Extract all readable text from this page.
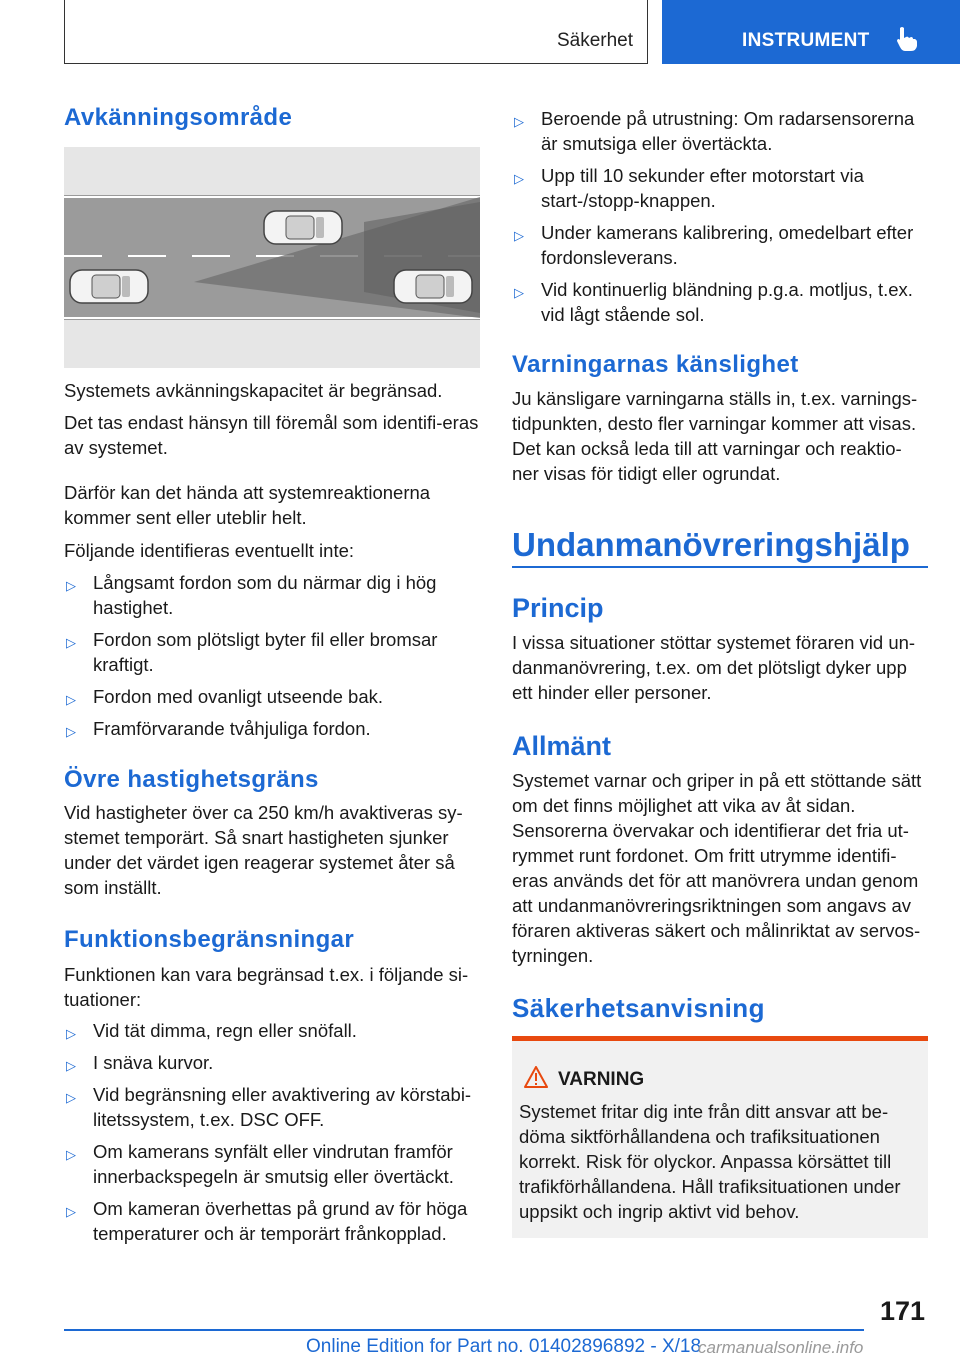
Säkerhet	INSTRUMENT
Avkänningsområde

Systemets avkänningskapacitet är begränsad.

Det tas endast hänsyn till föremål som identifi-eras av systemet.

Därför kan det hända att systemreaktionerna kommer sent eller uteblir helt.

Följande identifieras eventuellt inte:

▷ Långsamt fordon som du närmar dig i hög hastighet.
▷ Fordon som plötsligt byter fil eller bromsar kraftigt.
▷ Fordon med ovanligt utseende bak.
▷ Framförvarande tvåhjuliga fordon.
Övre hastighetsgräns

Vid hastigheter över ca 250 km/h avaktiveras sy-stemet temporärt. Så snart hastigheten sjunker under det värdet igen reagerar systemet åter så som inställt.

Funktionsbegränsningar

Funktionen kan vara begränsad t.ex. i följande si-tuationer:

▷ Vid tät dimma, regn eller snöfall.
▷ I snäva kurvor.
▷ Vid begränsning eller avaktivering av körstabi-litetssystem, t.ex. DSC OFF.
▷ Om kamerans synfält eller vindrutan framför innerbackspegeln är smutsig eller övertäckt.
▷ Om kameran överhettas på grund av för höga temperaturer och är temporärt frånkopplad.
▷ Beroende på utrustning: Om radarsensorerna är smutsiga eller övertäckta.
▷ Upp till 10 sekunder efter motorstart via start-/stopp-knappen.
▷ Under kamerans kalibrering, omedelbart efter fordonsleverans.
▷ Vid kontinuerlig bländning p.g.a. motljus, t.ex. vid lågt stående sol.
Varningarnas känslighet

Ju känsligare varningarna ställs in, t.ex. varnings-tidpunkten, desto fler varningar kommer att visas. Det kan också leda till att varningar och reaktio-ner visas för tidigt eller ogrundat.

Undanmanövreringshjälp
Princip

I vissa situationer stöttar systemet föraren vid un-danmanövrering, t.ex. om det plötsligt dyker upp ett hinder eller personer.

Allmänt

Systemet varnar och griper in på ett stöttande sätt om det finns möjlighet att vika av åt sidan. Sensorerna övervakar och identifierar det fria ut-rymmet runt fordonet. Om fritt utrymme identifi-eras används det för att manövrera undan genom att undanmanövreringsriktningen som angavs av föraren aktiveras säkert och målinriktat av servos-tyrningen.

Säkerhetsanvisning
VARNING
Systemet fritar dig inte från ditt ansvar att be-döma siktförhållandena och trafiksituationen korrekt. Risk för olyckor. Anpassa körsättet till trafikförhållandena. Håll trafiksituationen under uppsikt och ingrip aktivt vid behov.
171
Online Edition for Part no. 01402896892 - X/18
carmanualsonline.info
